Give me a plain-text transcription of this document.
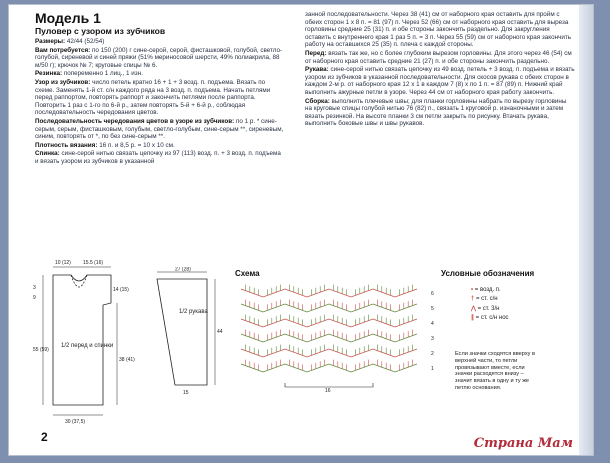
Модель 1
Пуловер с узором из зубчиков

Размеры: 42/44 (52/54)

Вам потребуется: по 150 (200) г сине-серой, серой, фисташковой, голубой, светло-голубой, сиреневой и синей пряжи (51% мериносовой шерсти, 49% полиакрила, 88 м/50 г); крючок № 7; круговые спицы № 6.

Резинка: попеременно 1 лиц., 1 изн.

Узор из зубчиков: число петель кратно 16 + 1 + 3 возд. п. подъема. Вязать по схеме. Заменять 1-й ст. с/н каждого ряда на 3 возд. п. подъема. Начать петлями перед раппортом, повторять раппорт и закончить петлями после раппорта. Повторить 1 раз с 1-го по 6-й р., затем повторять 5-й + 6-й р., соблюдая последовательность чередования цветов.

Последовательность чередования цветов в узоре из зубчиков: по 1 р. * сине-серым, серым, фисташковым, голубым, светло-голубым, сине-серым **, сиреневым, синим, повторять от *, по без сине-серым **.

Плотность вязания: 16 п. и 8,5 р. = 10 х 10 см.

Спинка: сине-серой нитью связать цепочку из 97 (113) возд. п. + 3 возд. п. подъема и вязать узором из зубчиков в указанной

занной последовательности. Через 38 (41) см от наборного края оставить для пройм с обеих сторон 1 х 8 п. = 81 (97) п. Через 52 (66) см от наборного края оставить для выреза горловины средние 25 (31) п. и обе стороны закончить раздельно. Для закругления оставить с внутреннего края 1 раз 5 п. = 3 п. Через 55 (59) см от наборного края закончить работу на оставшихся 25 (35) п. плеча с каждой стороны.

Перед: вязать так же, но с более глубоким вырезом горловины. Для этого через 46 (54) см от наборного края оставить средние 21 (27) п. и обе стороны закончить раздельно.

Рукава: сине-серой нитью связать цепочку из 49 возд. петель + 3 возд. п. подъема и вязать узором из зубчиков в указанной последовательности. Для скосов рукава с обеих сторон в каждом 2-м р. от наборного края 12 х 1 в каждом 7 (8) х по 1 п. = 87 (89) п. Нижний край выполнить ажурные петли в узоре. Через 44 см от наборного края работу закончить.

Сборка: выполнить плечевые швы; для планки горловины набрать по вырезу горловины на круговые спицы голубой нитью 76 (82) п., связать 1 круговой р. изнаночными и затем вязать резинкой. На высоте планки 3 см петли закрыть по рисунку. Втачать рукава, выполнить боковые швы и швы рукавов.

10 (12) 15.5 (16)
3
9
14 (15)
55 (59)
38 (41)
30 (37,5)
1/2 перед и спинки
27 (28)
44
15
1/2 рукава
Схема
6
5
4
3
2
1
16
Условные обозначения
• = возд. п.
† = ст. с/н
⋀ = ст. 3/н
∥ = ст. с/н нос
Если значки сходятся вверху в верхней части, то петли провязывают вместе, если значки расходятся внизу – значит вязать в одну и ту же петлю основания.
2	Страна Мам
